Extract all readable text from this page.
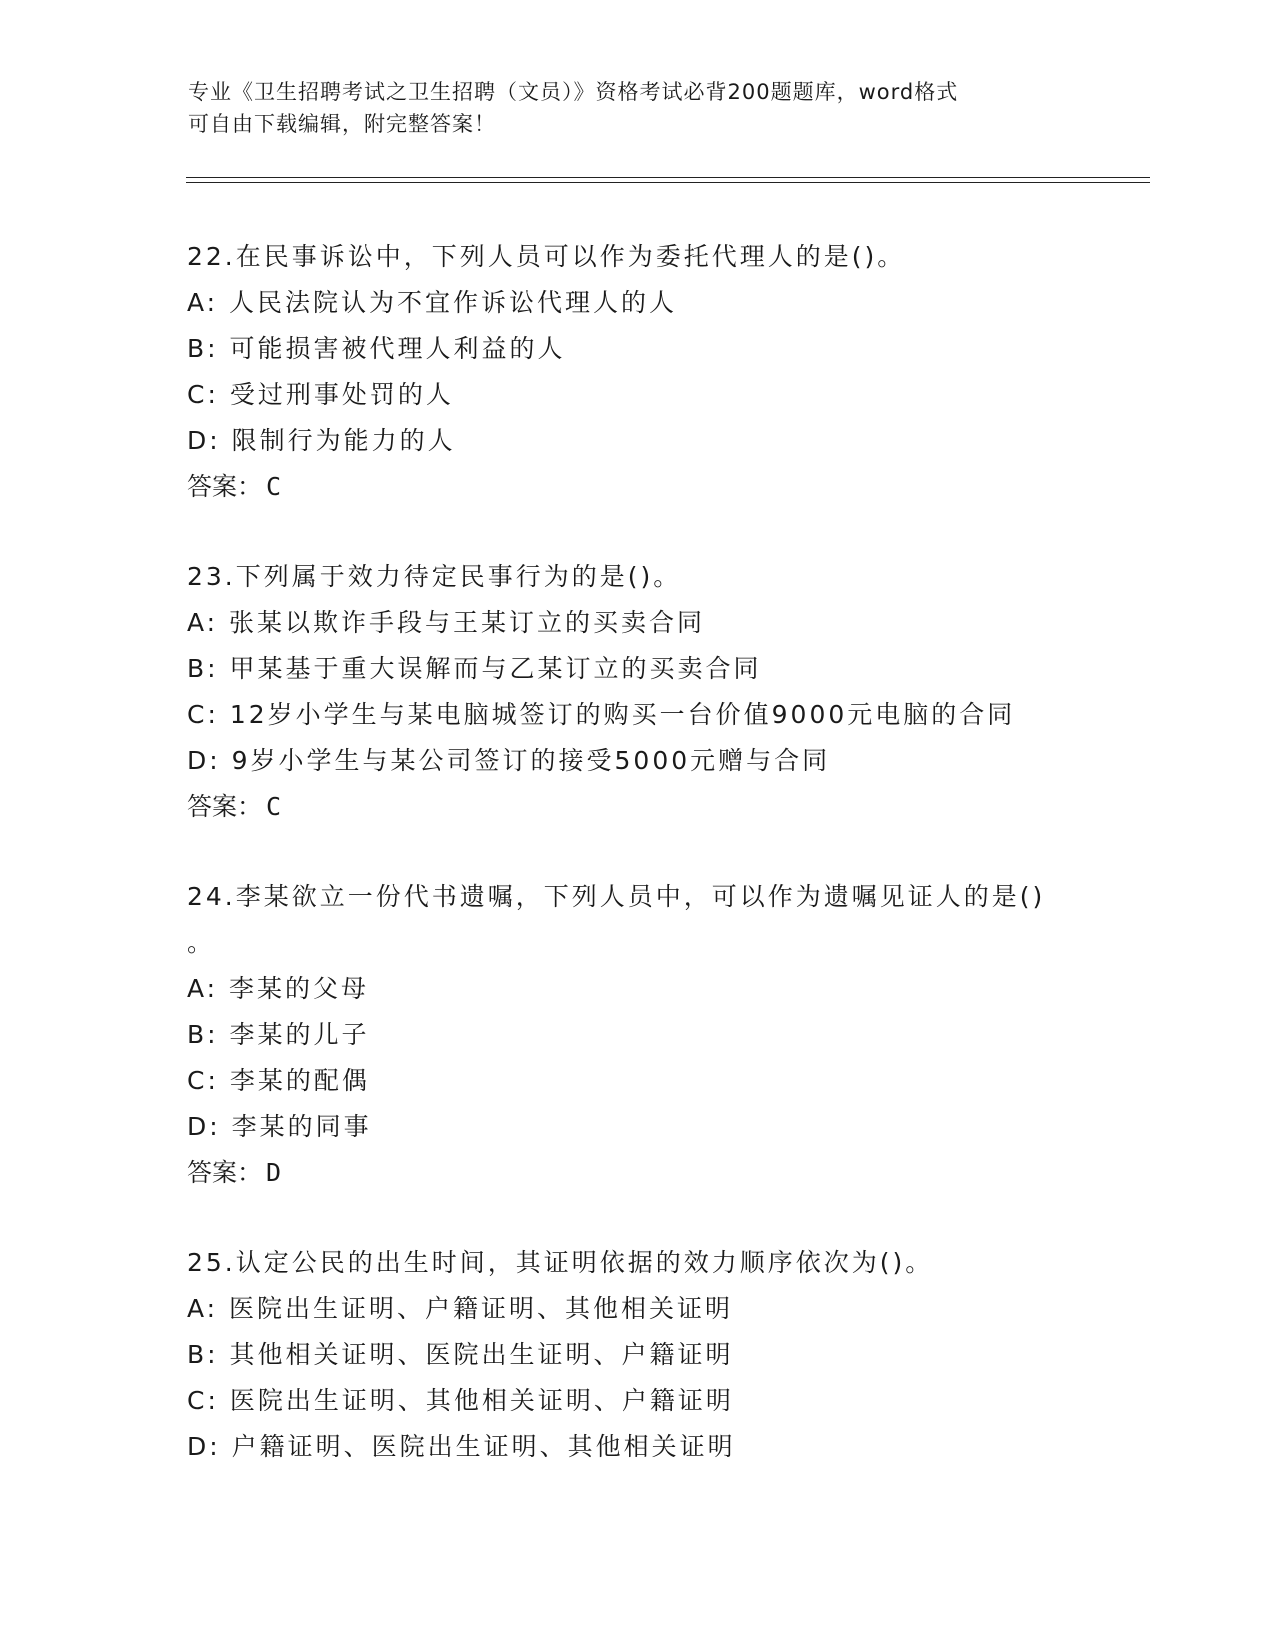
专业《卫生招聘考试之卫生招聘（文员）》资格考试必背200题题库，word格式
可自由下载编辑，附完整答案！
22.在民事诉讼中，下列人员可以作为委托代理人的是()。
A: 人民法院认为不宜作诉讼代理人的人
B: 可能损害被代理人利益的人
C: 受过刑事处罚的人
D: 限制行为能力的人
答案： C
23.下列属于效力待定民事行为的是()。
A: 张某以欺诈手段与王某订立的买卖合同
B: 甲某基于重大误解而与乙某订立的买卖合同
C: 12岁小学生与某电脑城签订的购买一台价值9000元电脑的合同
D: 9岁小学生与某公司签订的接受5000元赠与合同
答案： C
24.李某欲立一份代书遗嘱，下列人员中，可以作为遗嘱见证人的是()
。
A: 李某的父母
B: 李某的儿子
C: 李某的配偶
D: 李某的同事
答案： D
25.认定公民的出生时间，其证明依据的效力顺序依次为()。
A: 医院出生证明、户籍证明、其他相关证明
B: 其他相关证明、医院出生证明、户籍证明
C: 医院出生证明、其他相关证明、户籍证明
D: 户籍证明、医院出生证明、其他相关证明
